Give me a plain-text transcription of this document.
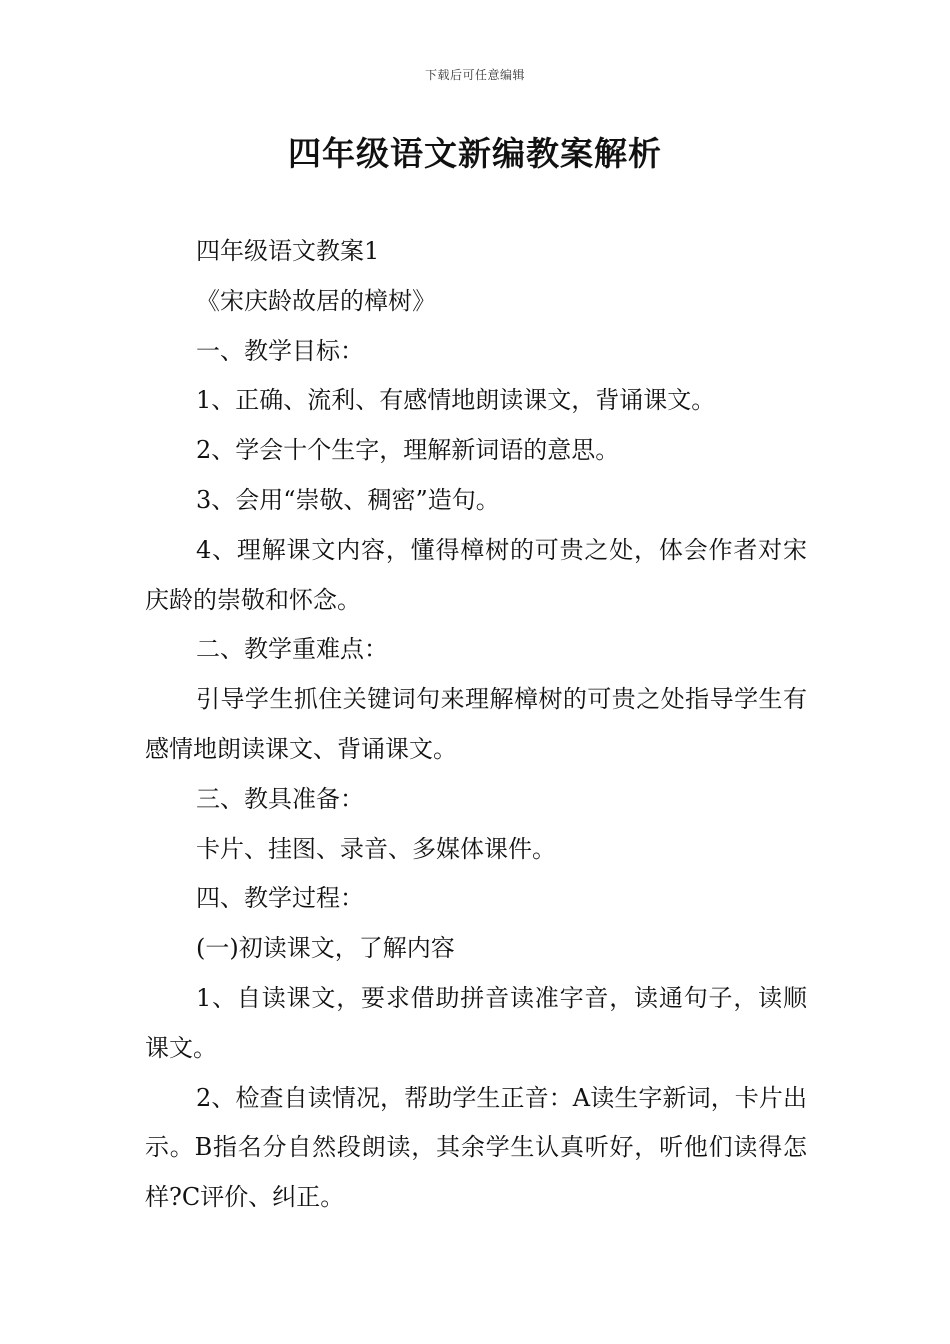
下载后可任意编辑
四年级语文新编教案解析

四年级语文教案1

《宋庆龄故居的樟树》

一、教学目标：

1、正确、流利、有感情地朗读课文，背诵课文。

2、学会十个生字，理解新词语的意思。

3、会用“崇敬、稠密”造句。

4、理解课文内容，懂得樟树的可贵之处，体会作者对宋庆龄的崇敬和怀念。

二、教学重难点：

引导学生抓住关键词句来理解樟树的可贵之处指导学生有感情地朗读课文、背诵课文。

三、教具准备：

卡片、挂图、录音、多媒体课件。

四、教学过程：

(一)初读课文，了解内容

1、自读课文，要求借助拼音读准字音，读通句子，读顺课文。

2、检查自读情况，帮助学生正音：A读生字新词，卡片出示。B指名分自然段朗读，其余学生认真听好，听他们读得怎样?C评价、纠正。
